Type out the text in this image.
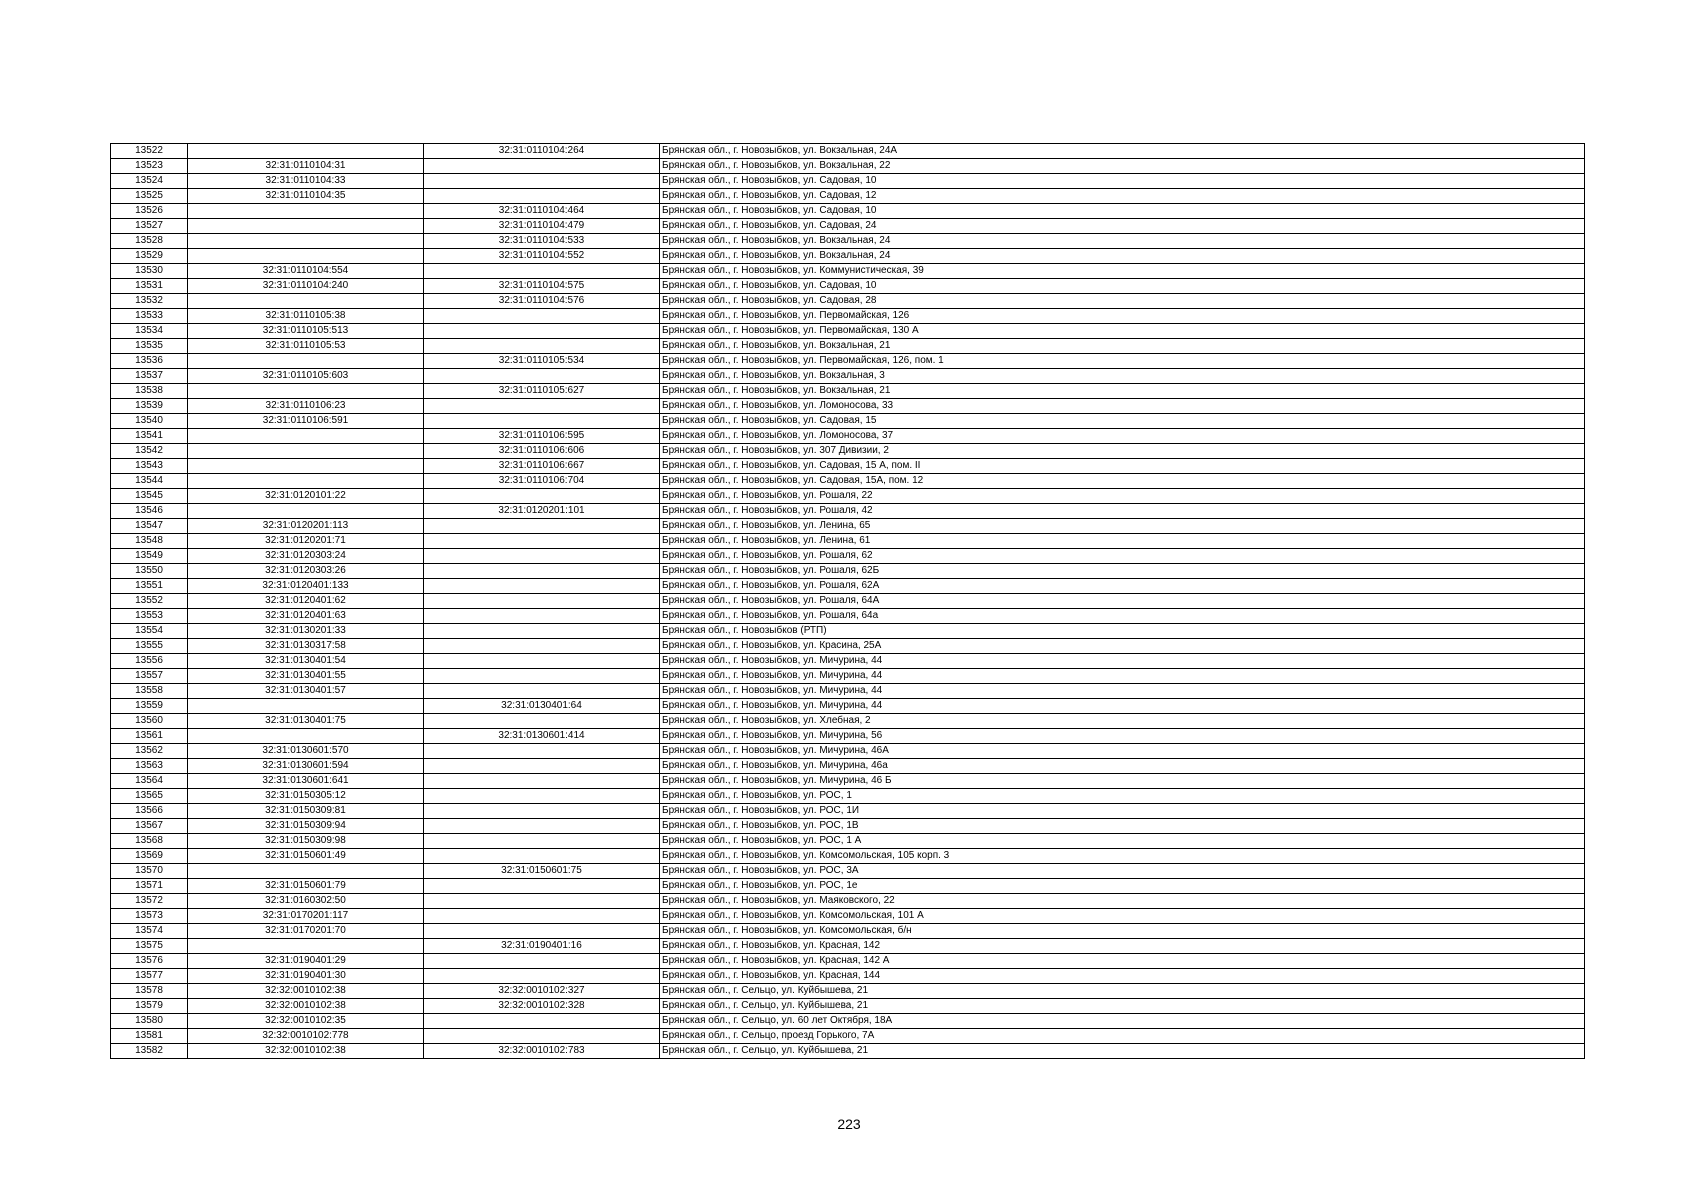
13522		32:31:0110104:264	Брянская обл., г. Новозыбков, ул. Вокзальная, 24А
13523	32:31:0110104:31		Брянская обл., г. Новозыбков, ул. Вокзальная, 22
13524	32:31:0110104:33		Брянская обл., г. Новозыбков, ул. Садовая, 10
13525	32:31:0110104:35		Брянская обл., г. Новозыбков, ул. Садовая, 12
13526		32:31:0110104:464	Брянская обл., г. Новозыбков, ул. Садовая, 10
13527		32:31:0110104:479	Брянская обл., г. Новозыбков, ул. Садовая, 24
13528		32:31:0110104:533	Брянская обл., г. Новозыбков, ул. Вокзальная, 24
13529		32:31:0110104:552	Брянская обл., г. Новозыбков, ул. Вокзальная, 24
13530	32:31:0110104:554		Брянская обл., г. Новозыбков, ул. Коммунистическая, 39
13531	32:31:0110104:240	32:31:0110104:575	Брянская обл., г. Новозыбков, ул. Садовая, 10
13532		32:31:0110104:576	Брянская обл., г. Новозыбков, ул. Садовая, 28
13533	32:31:0110105:38		Брянская обл., г. Новозыбков, ул. Первомайская, 126
13534	32:31:0110105:513		Брянская обл., г. Новозыбков, ул. Первомайская, 130 А
13535	32:31:0110105:53		Брянская обл., г. Новозыбков, ул. Вокзальная, 21
13536		32:31:0110105:534	Брянская обл., г. Новозыбков, ул. Первомайская, 126, пом. 1
13537	32:31:0110105:603		Брянская обл., г. Новозыбков, ул. Вокзальная, 3
13538		32:31:0110105:627	Брянская обл., г. Новозыбков, ул. Вокзальная, 21
13539	32:31:0110106:23		Брянская обл., г. Новозыбков, ул. Ломоносова, 33
13540	32:31:0110106:591		Брянская обл., г. Новозыбков, ул. Садовая, 15
13541		32:31:0110106:595	Брянская обл., г. Новозыбков, ул. Ломоносова, 37
13542		32:31:0110106:606	Брянская обл., г. Новозыбков, ул. 307 Дивизии, 2
13543		32:31:0110106:667	Брянская обл., г. Новозыбков, ул. Садовая, 15 А, пом. II
13544		32:31:0110106:704	Брянская обл., г. Новозыбков, ул. Садовая, 15А, пом. 12
13545	32:31:0120101:22		Брянская обл., г. Новозыбков, ул. Рошаля, 22
13546		32:31:0120201:101	Брянская обл., г. Новозыбков, ул. Рошаля, 42
13547	32:31:0120201:113		Брянская обл., г. Новозыбков, ул. Ленина, 65
13548	32:31:0120201:71		Брянская обл., г. Новозыбков, ул. Ленина, 61
13549	32:31:0120303:24		Брянская обл., г. Новозыбков, ул. Рошаля, 62
13550	32:31:0120303:26		Брянская обл., г. Новозыбков, ул. Рошаля, 62Б
13551	32:31:0120401:133		Брянская обл., г. Новозыбков, ул. Рошаля, 62А
13552	32:31:0120401:62		Брянская обл., г. Новозыбков, ул. Рошаля, 64А
13553	32:31:0120401:63		Брянская обл., г. Новозыбков, ул. Рошаля, 64а
13554	32:31:0130201:33		Брянская обл., г. Новозыбков (РТП)
13555	32:31:0130317:58		Брянская обл., г. Новозыбков, ул. Красина, 25А
13556	32:31:0130401:54		Брянская обл., г. Новозыбков, ул. Мичурина, 44
13557	32:31:0130401:55		Брянская обл., г. Новозыбков, ул. Мичурина, 44
13558	32:31:0130401:57		Брянская обл., г. Новозыбков, ул. Мичурина, 44
13559		32:31:0130401:64	Брянская обл., г. Новозыбков, ул. Мичурина, 44
13560	32:31:0130401:75		Брянская обл., г. Новозыбков, ул. Хлебная, 2
13561		32:31:0130601:414	Брянская обл., г. Новозыбков, ул. Мичурина, 56
13562	32:31:0130601:570		Брянская обл., г. Новозыбков, ул. Мичурина, 46А
13563	32:31:0130601:594		Брянская обл., г. Новозыбков, ул. Мичурина, 46а
13564	32:31:0130601:641		Брянская обл., г. Новозыбков, ул. Мичурина, 46 Б
13565	32:31:0150305:12		Брянская обл., г. Новозыбков, ул. РОС, 1
13566	32:31:0150309:81		Брянская обл., г. Новозыбков, ул. РОС, 1И
13567	32:31:0150309:94		Брянская обл., г. Новозыбков, ул. РОС, 1В
13568	32:31:0150309:98		Брянская обл., г. Новозыбков, ул. РОС, 1 А
13569	32:31:0150601:49		Брянская обл., г. Новозыбков, ул. Комсомольская, 105 корп. 3
13570		32:31:0150601:75	Брянская обл., г. Новозыбков, ул. РОС, 3А
13571	32:31:0150601:79		Брянская обл., г. Новозыбков, ул. РОС, 1е
13572	32:31:0160302:50		Брянская обл., г. Новозыбков, ул. Маяковского, 22
13573	32:31:0170201:117		Брянская обл., г. Новозыбков, ул. Комсомольская, 101 А
13574	32:31:0170201:70		Брянская обл., г. Новозыбков, ул. Комсомольская, б/н
13575		32:31:0190401:16	Брянская обл., г. Новозыбков, ул. Красная, 142
13576	32:31:0190401:29		Брянская обл., г. Новозыбков, ул. Красная, 142 А
13577	32:31:0190401:30		Брянская обл., г. Новозыбков, ул. Красная, 144
13578	32:32:0010102:38	32:32:0010102:327	Брянская обл., г. Сельцо, ул. Куйбышева, 21
13579	32:32:0010102:38	32:32:0010102:328	Брянская обл., г. Сельцо, ул. Куйбышева, 21
13580	32:32:0010102:35		Брянская обл., г. Сельцо, ул. 60 лет Октября, 18А
13581	32:32:0010102:778		Брянская обл., г. Сельцо, проезд Горького, 7А
13582	32:32:0010102:38	32:32:0010102:783	Брянская обл., г. Сельцо, ул. Куйбышева, 21
223
